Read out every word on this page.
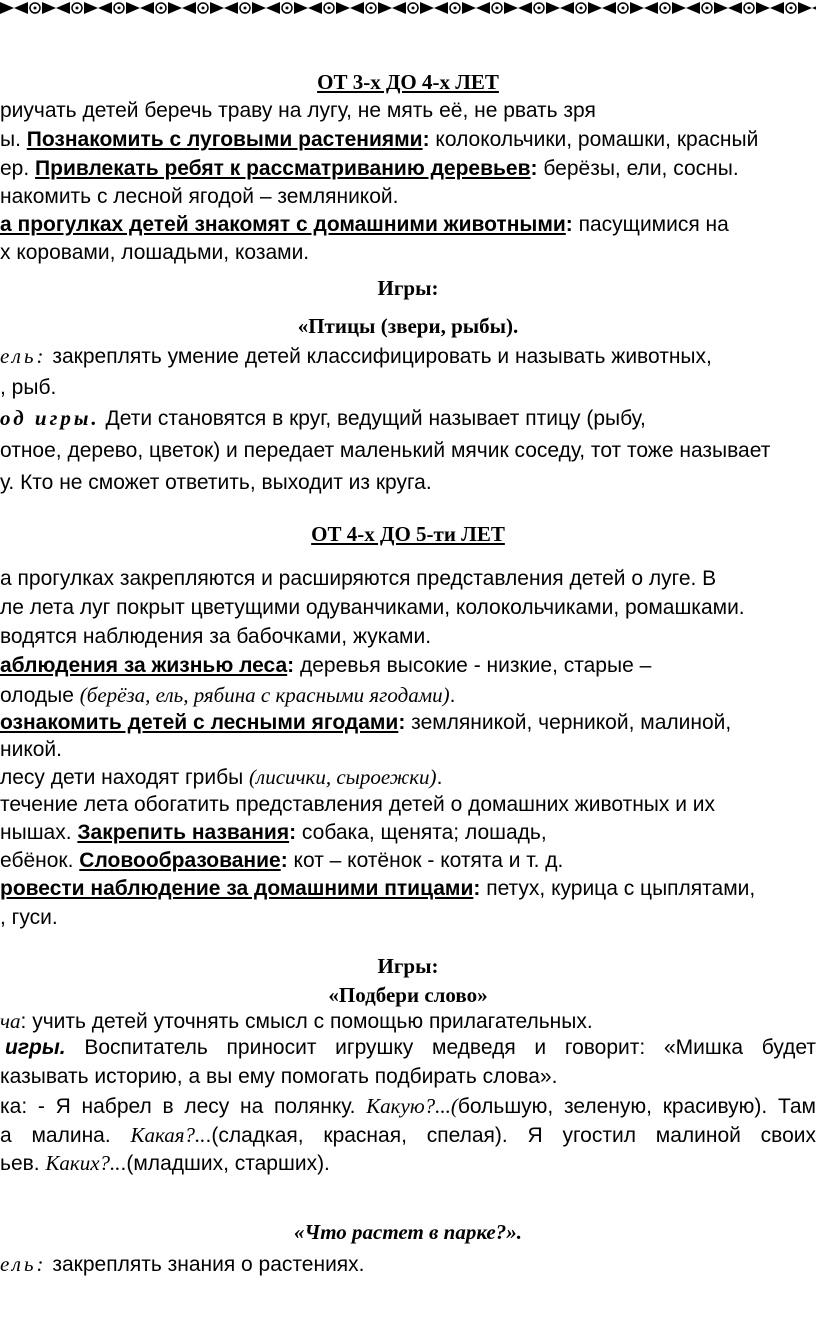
ОТ 3-х ДО 4-х ЛЕТ
риучать детей беречь траву на лугу, не мять её, не рвать зря
ы. Познакомить с луговыми растениями: колокольчики, ромашки, красный
ер. Привлекать ребят к рассматриванию деревьев: берёзы, ели, сосны.
накомить с лесной ягодой – земляникой.
а прогулках детей знакомят с домашними животными: пасущимися на
х коровами, лошадьми, козами.
Игры:
«Птицы (звери, рыбы).
ель: закреплять умение детей классифицировать и называть животных,
, рыб.
од игры. Дети становятся в круг, ведущий называет птицу (рыбу,
отное, дерево, цветок) и передает маленький мячик соседу, тот тоже называет
у. Кто не сможет ответить, выходит из круга.
ОТ 4-х ДО 5-ти ЛЕТ
а прогулках закрепляются и расширяются представления детей о луге. В
ле лета луг покрыт цветущими одуванчиками, колокольчиками, ромашками.
водятся наблюдения за бабочками, жуками.
аблюдения за жизнью леса: деревья высокие - низкие, старые –
олодые (берёза, ель, рябина с красными ягодами).
ознакомить детей с лесными ягодами: земляникой, черникой, малиной,
никой.
лесу дети находят грибы (лисички, сыроежки).
течение лета обогатить представления детей о домашних животных и их
нышах. Закрепить названия: собака, щенята; лошадь,
ебёнок. Словообразование: кот – котёнок - котята и т. д.
ровести наблюдение за домашними птицами: петух, курица с цыплятами,
, гуси.
Игры:
«Подбери слово»
ча: учить детей уточнять смысл с помощью прилагательных.
игры. Воспитатель приносит игрушку медведя и говорит: «Мишка будет
казывать историю, а вы ему помогать подбирать слова».
ка: - Я набрел в лесу на полянку. Какую?...(большую, зеленую, красивую). Там
а малина. Какая?...(сладкая, красная, спелая). Я угостил малиной своих
ьев. Каких?...(младших, старших).
«Что растет в парке?».
ель: закреплять знания о растениях.
